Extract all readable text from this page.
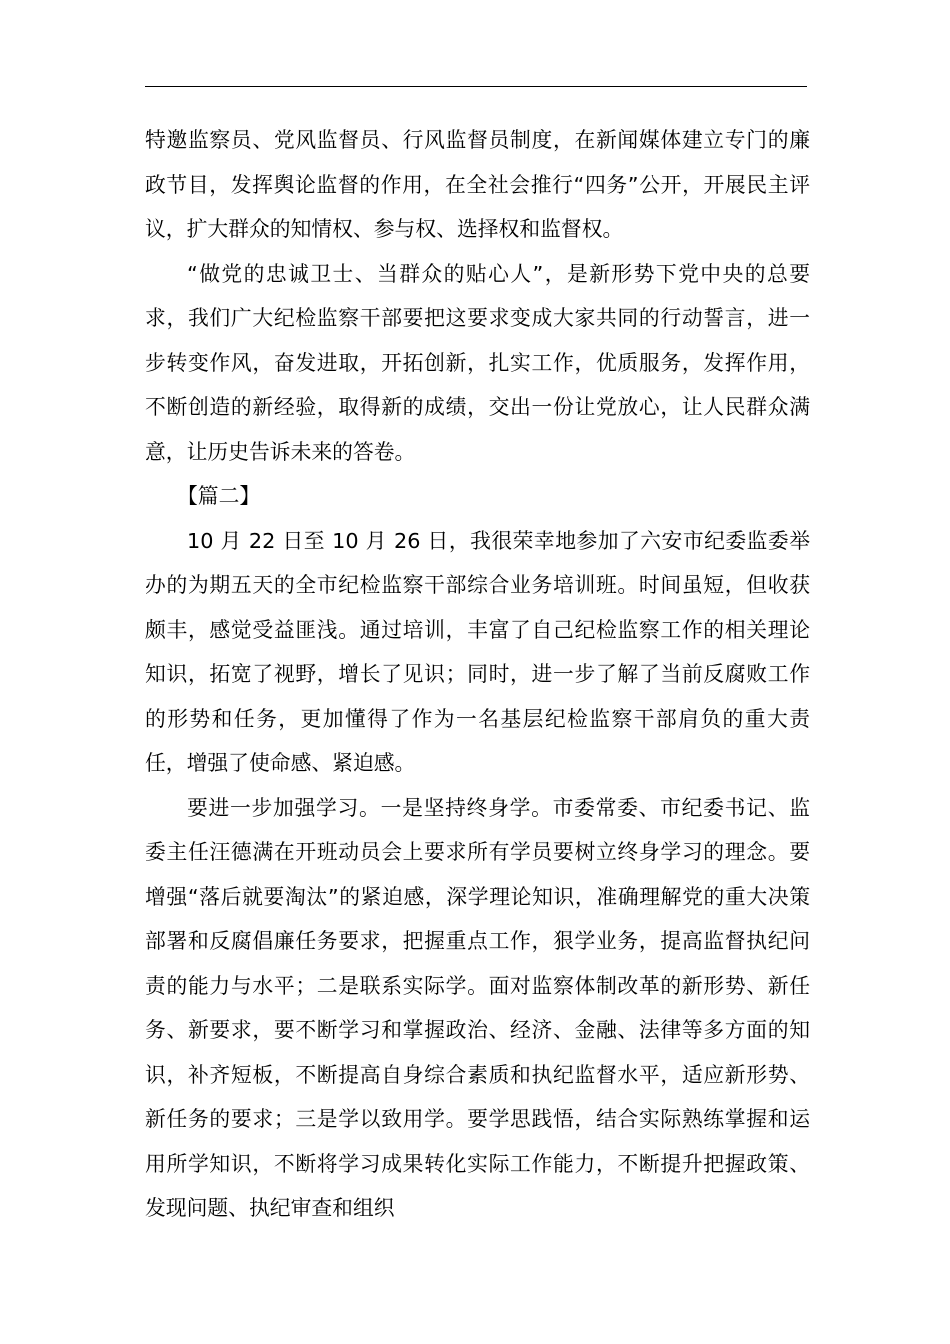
特邀监察员、党风监督员、行风监督员制度，在新闻媒体建立专门的廉政节目，发挥舆论监督的作用，在全社会推行“四务”公开，开展民主评议，扩大群众的知情权、参与权、选择权和监督权。

“做党的忠诚卫士、当群众的贴心人”，是新形势下党中央的总要求，我们广大纪检监察干部要把这要求变成大家共同的行动誓言，进一步转变作风，奋发进取，开拓创新，扎实工作，优质服务，发挥作用，不断创造的新经验，取得新的成绩，交出一份让党放心，让人民群众满意，让历史告诉未来的答卷。

【篇二】

10 月 22 日至 10 月 26 日，我很荣幸地参加了六安市纪委监委举办的为期五天的全市纪检监察干部综合业务培训班。时间虽短，但收获颇丰，感觉受益匪浅。通过培训，丰富了自己纪检监察工作的相关理论知识，拓宽了视野，增长了见识；同时，进一步了解了当前反腐败工作的形势和任务，更加懂得了作为一名基层纪检监察干部肩负的重大责任，增强了使命感、紧迫感。

要进一步加强学习。一是坚持终身学。市委常委、市纪委书记、监委主任汪德满在开班动员会上要求所有学员要树立终身学习的理念。要增强“落后就要淘汰”的紧迫感，深学理论知识，准确理解党的重大决策部署和反腐倡廉任务要求，把握重点工作，狠学业务，提高监督执纪问责的能力与水平；二是联系实际学。面对监察体制改革的新形势、新任务、新要求，要不断学习和掌握政治、经济、金融、法律等多方面的知识，补齐短板，不断提高自身综合素质和执纪监督水平，适应新形势、新任务的要求；三是学以致用学。要学思践悟，结合实际熟练掌握和运用所学知识，不断将学习成果转化实际工作能力，不断提升把握政策、发现问题、执纪审查和组织
